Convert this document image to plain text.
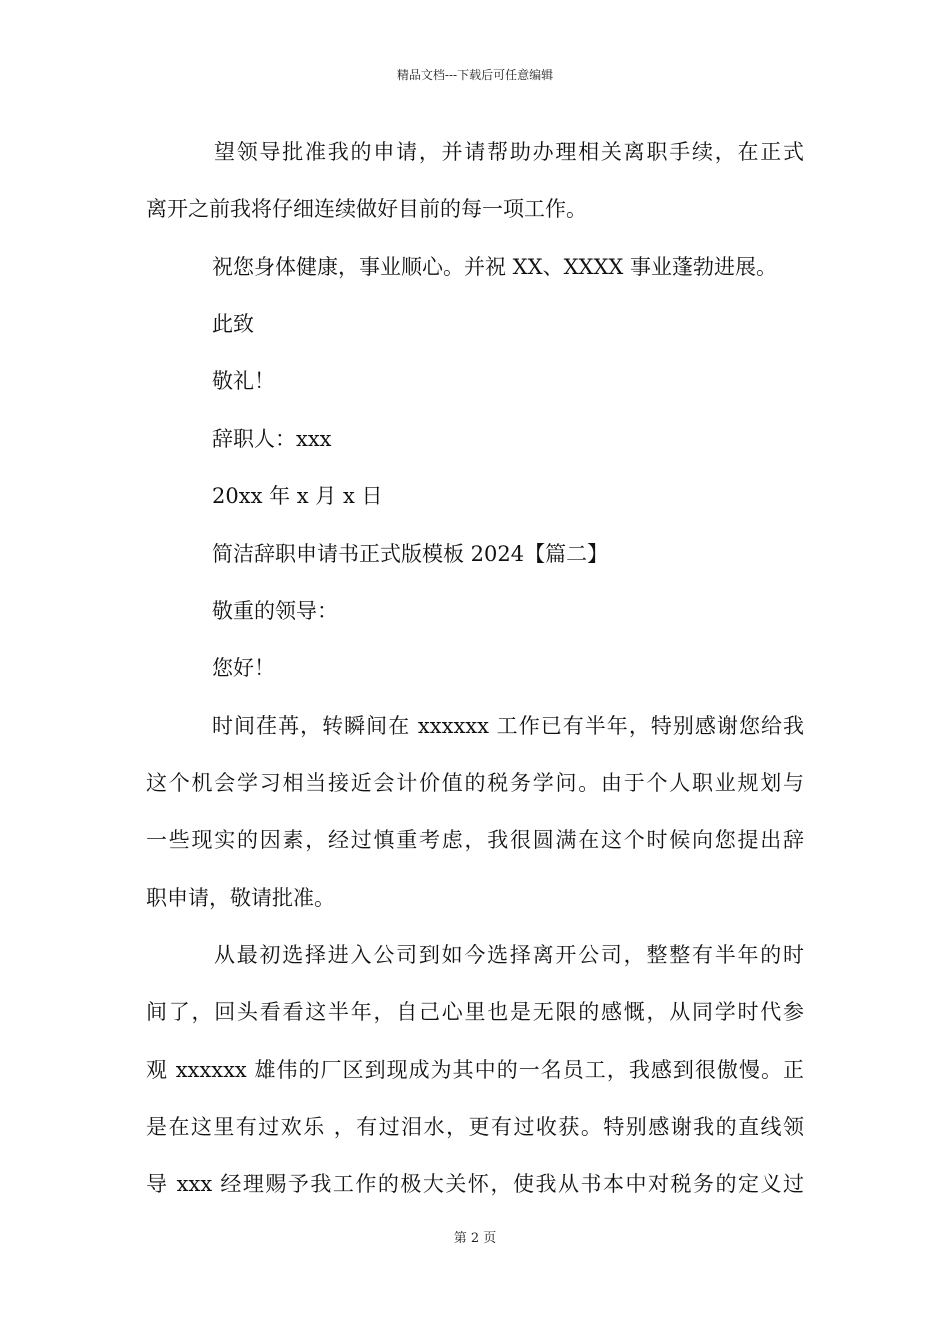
精品文档---下载后可任意编辑
望领导批准我的申请，并请帮助办理相关离职手续，在正式
离开之前我将仔细连续做好目前的每一项工作。
祝您身体健康，事业顺心。并祝 XX、XXXX 事业蓬勃进展。
此致
敬礼！
辞职人：xxx
20xx 年 x 月 x 日
简洁辞职申请书正式版模板 2024【篇二】
敬重的领导：
您好！
时间荏苒，转瞬间在 xxxxxx 工作已有半年，特别感谢您给我
这个机会学习相当接近会计价值的税务学问。由于个人职业规划与
一些现实的因素，经过慎重考虑，我很圆满在这个时候向您提出辞
职申请，敬请批准。
从最初选择进入公司到如今选择离开公司，整整有半年的时
间了，回头看看这半年，自己心里也是无限的感慨，从同学时代参
观 xxxxxx 雄伟的厂区到现成为其中的一名员工，我感到很傲慢。正
是在这里有过欢乐 ，有过泪水，更有过收获。特别感谢我的直线领
导 xxx 经理赐予我工作的极大关怀，使我从书本中对税务的定义过
第 2 页
